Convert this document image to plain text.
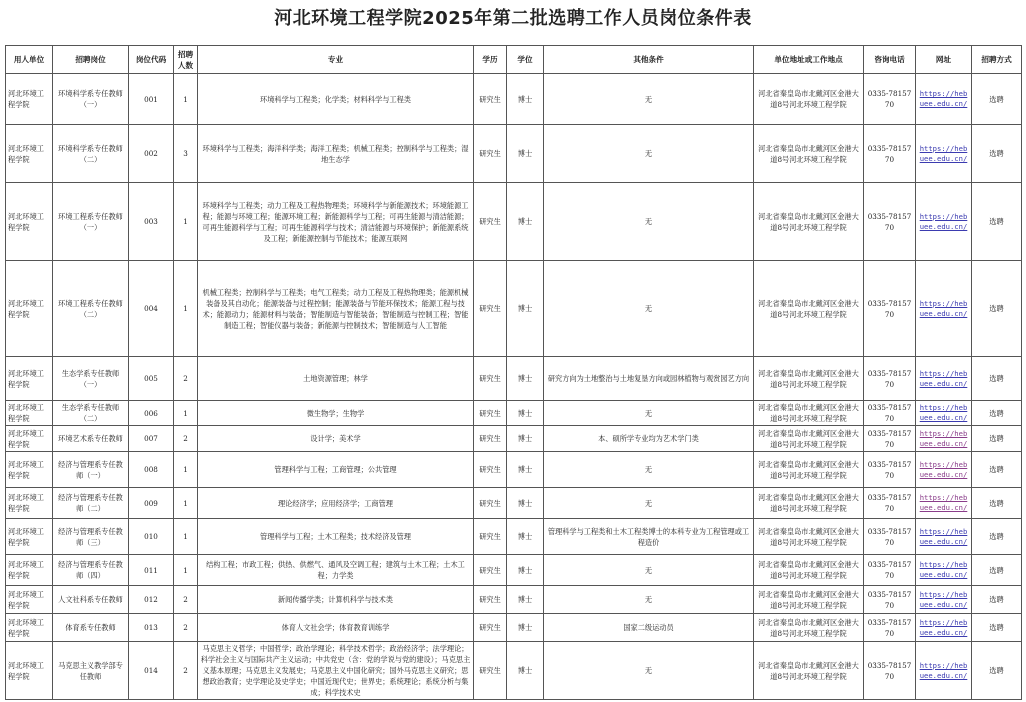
河北环境工程学院2025年第二批选聘工作人员岗位条件表
用人单位	招聘岗位	岗位代码	招聘人数	专业	学历	学位	其他条件	单位地址或工作地点	咨询电话	网址	招聘方式
河北环境工程学院	环境科学系专任教师（一）	001	1	环境科学与工程类；化学类；材料科学与工程类	研究生	博士	无	河北省秦皇岛市北戴河区金港大道8号河北环境工程学院	0335-7815770	https://hebuee.edu.cn/	选聘
河北环境工程学院	环境科学系专任教师（二）	002	3	环境科学与工程类；海洋科学类；海洋工程类；机械工程类；控制科学与工程类；湿地生态学	研究生	博士	无	河北省秦皇岛市北戴河区金港大道8号河北环境工程学院	0335-7815770	https://hebuee.edu.cn/	选聘
河北环境工程学院	环境工程系专任教师（一）	003	1	环境科学与工程类；动力工程及工程热物理类；环境科学与新能源技术；环境能源工程；能源与环境工程；能源环境工程；新能源科学与工程；可再生能源与清洁能源；可再生能源科学与工程；可再生能源科学与技术；清洁能源与环境保护；新能源系统及工程；新能源控制与节能技术；能源互联网	研究生	博士	无	河北省秦皇岛市北戴河区金港大道8号河北环境工程学院	0335-7815770	https://hebuee.edu.cn/	选聘
河北环境工程学院	环境工程系专任教师（二）	004	1	机械工程类；控制科学与工程类；电气工程类；动力工程及工程热物理类；能源机械装备及其自动化；能源装备与过程控制；能源装备与节能环保技术；能源工程与技术；能源动力；能源材料与装备；智能制造与智能装备；智能制造与控制工程；智能制造工程；智能仪器与装备；新能源与控制技术；智能制造与人工智能	研究生	博士	无	河北省秦皇岛市北戴河区金港大道8号河北环境工程学院	0335-7815770	https://hebuee.edu.cn/	选聘
河北环境工程学院	生态学系专任教师（一）	005	2	土地资源管理；林学	研究生	博士	研究方向为土地整治与土地复垦方向或园林植物与观赏园艺方向	河北省秦皇岛市北戴河区金港大道8号河北环境工程学院	0335-7815770	https://hebuee.edu.cn/	选聘
河北环境工程学院	生态学系专任教师（二）	006	1	微生物学；生物学	研究生	博士	无	河北省秦皇岛市北戴河区金港大道8号河北环境工程学院	0335-7815770	https://hebuee.edu.cn/	选聘
河北环境工程学院	环境艺术系专任教师	007	2	设计学；美术学	研究生	博士	本、硕所学专业均为艺术学门类	河北省秦皇岛市北戴河区金港大道8号河北环境工程学院	0335-7815770	https://hebuee.edu.cn/	选聘
河北环境工程学院	经济与管理系专任教师（一）	008	1	管理科学与工程；工商管理；公共管理	研究生	博士	无	河北省秦皇岛市北戴河区金港大道8号河北环境工程学院	0335-7815770	https://hebuee.edu.cn/	选聘
河北环境工程学院	经济与管理系专任教师（二）	009	1	理论经济学；应用经济学；工商管理	研究生	博士	无	河北省秦皇岛市北戴河区金港大道8号河北环境工程学院	0335-7815770	https://hebuee.edu.cn/	选聘
河北环境工程学院	经济与管理系专任教师（三）	010	1	管理科学与工程；土木工程类；技术经济及管理	研究生	博士	管理科学与工程类和土木工程类博士的本科专业为工程管理或工程造价	河北省秦皇岛市北戴河区金港大道8号河北环境工程学院	0335-7815770	https://hebuee.edu.cn/	选聘
河北环境工程学院	经济与管理系专任教师（四）	011	1	结构工程；市政工程；供热、供燃气、通风及空调工程；建筑与土木工程；土木工程；力学类	研究生	博士	无	河北省秦皇岛市北戴河区金港大道8号河北环境工程学院	0335-7815770	https://hebuee.edu.cn/	选聘
河北环境工程学院	人文社科系专任教师	012	2	新闻传播学类；计算机科学与技术类	研究生	博士	无	河北省秦皇岛市北戴河区金港大道8号河北环境工程学院	0335-7815770	https://hebuee.edu.cn/	选聘
河北环境工程学院	体育系专任教师	013	2	体育人文社会学；体育教育训练学	研究生	博士	国家二级运动员	河北省秦皇岛市北戴河区金港大道8号河北环境工程学院	0335-7815770	https://hebuee.edu.cn/	选聘
河北环境工程学院	马克思主义教学部专任教师	014	2	马克思主义哲学；中国哲学；政治学理论；科学技术哲学；政治经济学；法学理论；科学社会主义与国际共产主义运动；中共党史（含：党的学说与党的建设）；马克思主义基本原理；马克思主义发展史；马克思主义中国化研究；国外马克思主义研究；思想政治教育；史学理论及史学史；中国近现代史；世界史；系统理论；系统分析与集成；科学技术史	研究生	博士	无	河北省秦皇岛市北戴河区金港大道8号河北环境工程学院	0335-7815770	https://hebuee.edu.cn/	选聘
